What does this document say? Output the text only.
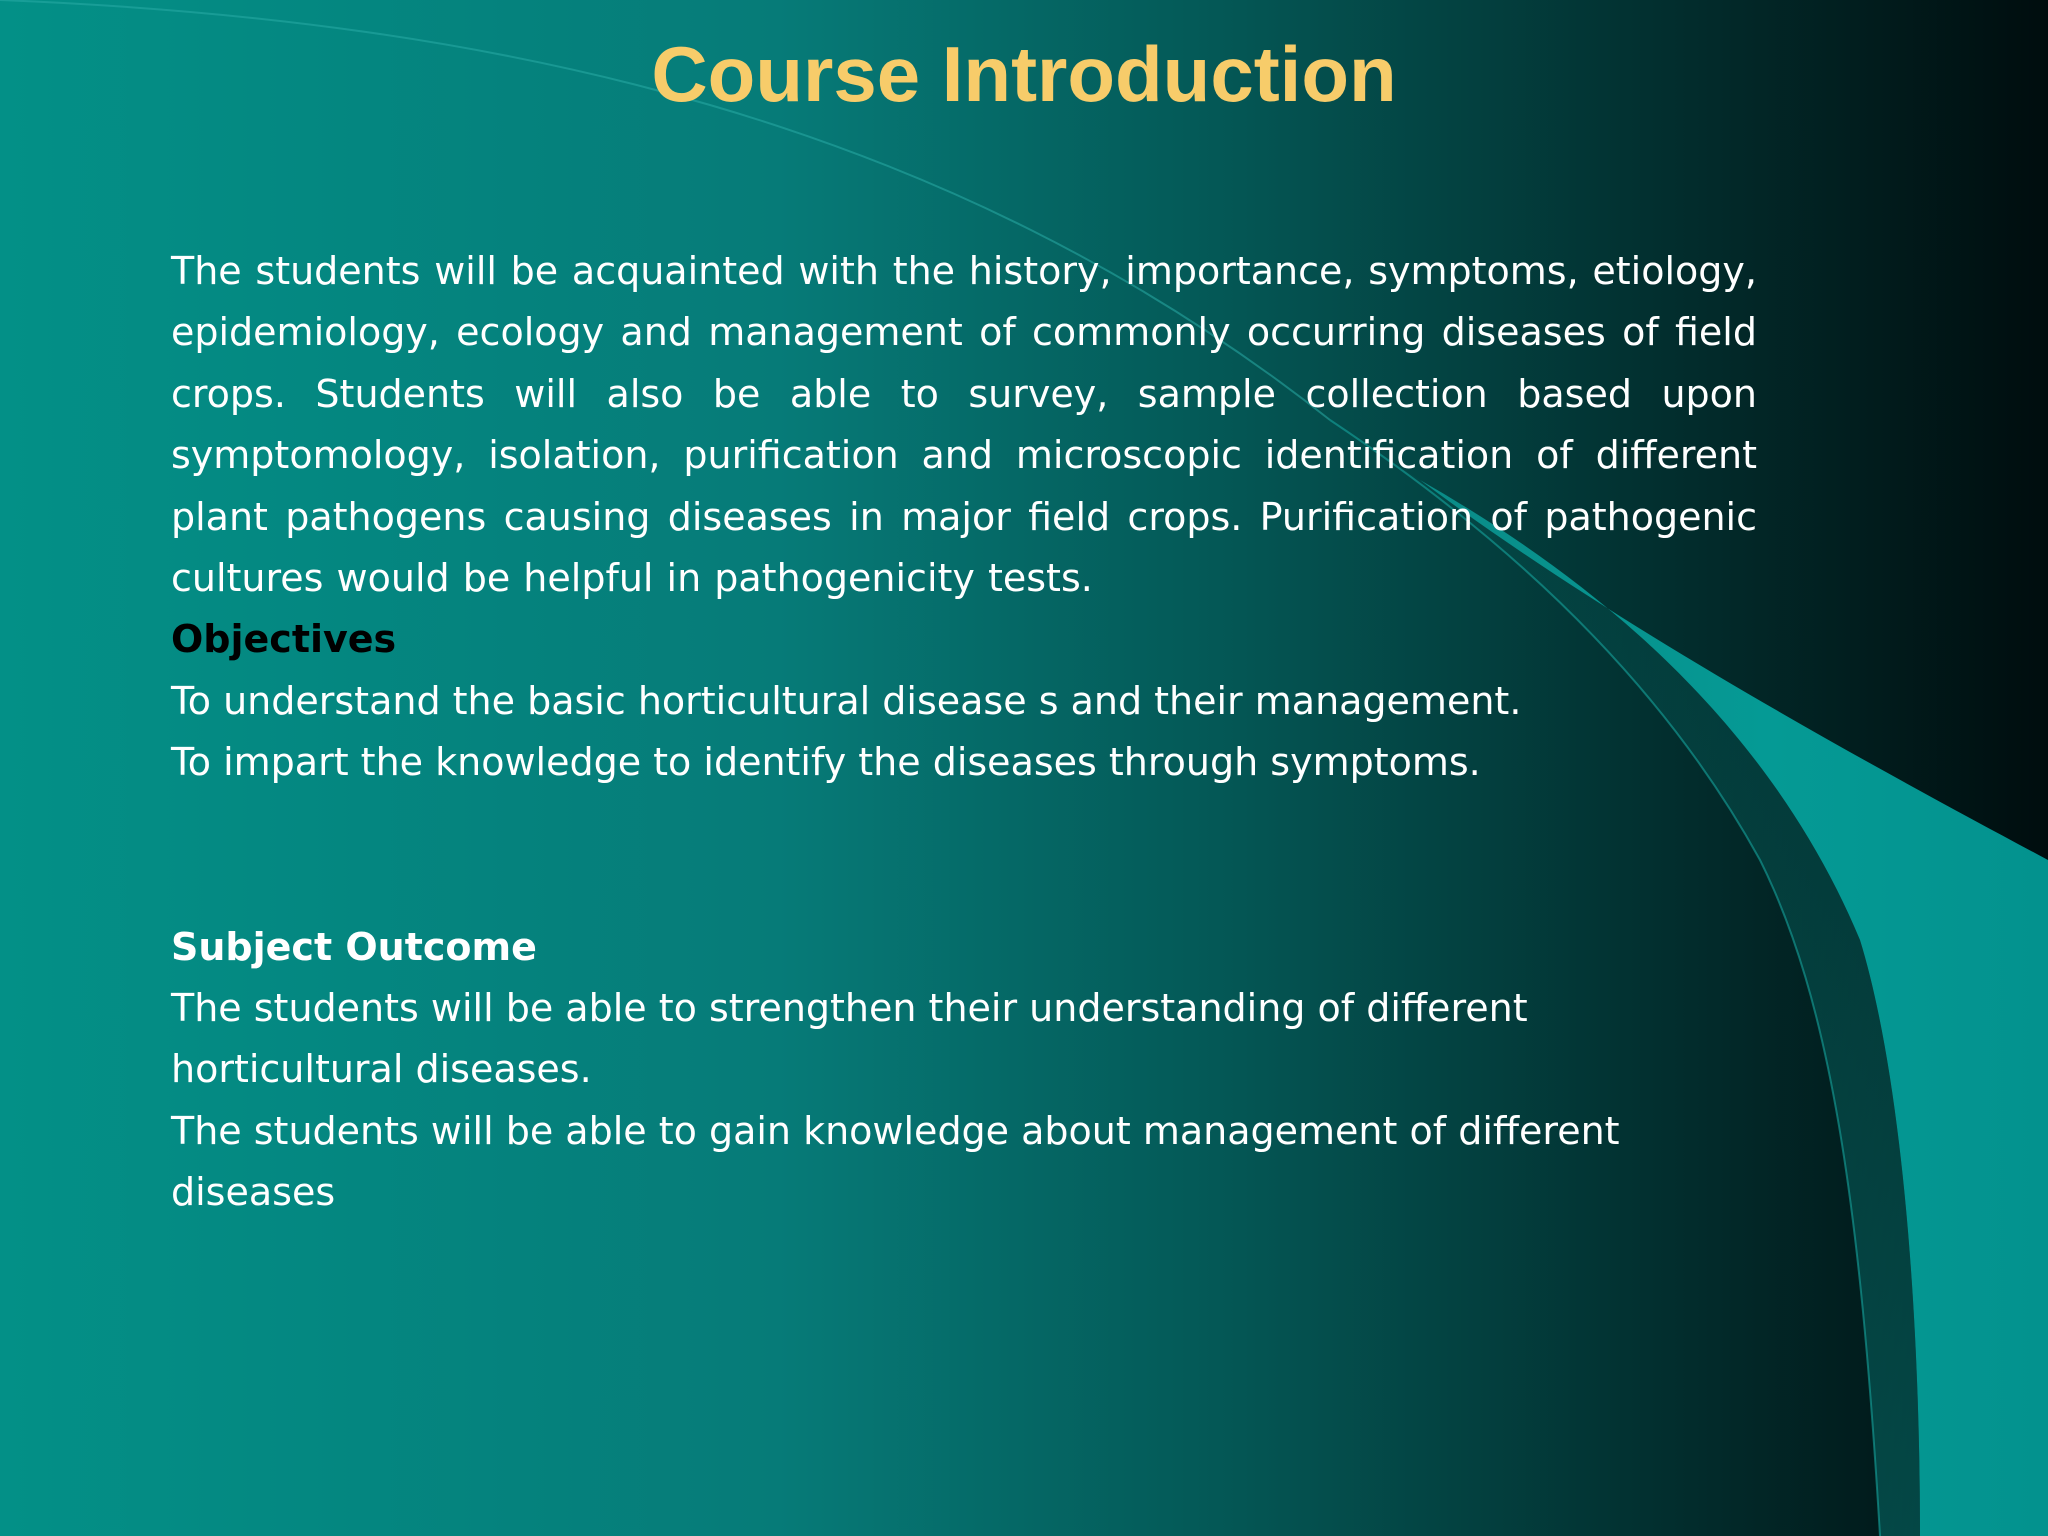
Course Introduction

The students will be acquainted with the history, importance, symptoms, etiology, epidemiology, ecology and management of commonly occurring diseases of field crops. Students will also be able to survey, sample collection based upon symptomology, isolation, purification and microscopic identification of different plant pathogens causing diseases in major field crops. Purification of pathogenic cultures would be helpful in pathogenicity tests.

Objectives

To understand the basic horticultural disease s and their management.

To impart the knowledge to identify the diseases through symptoms.

Subject Outcome

The students will be able to strengthen their understanding of different horticultural diseases.

The students will be able to gain knowledge about management of different diseases
